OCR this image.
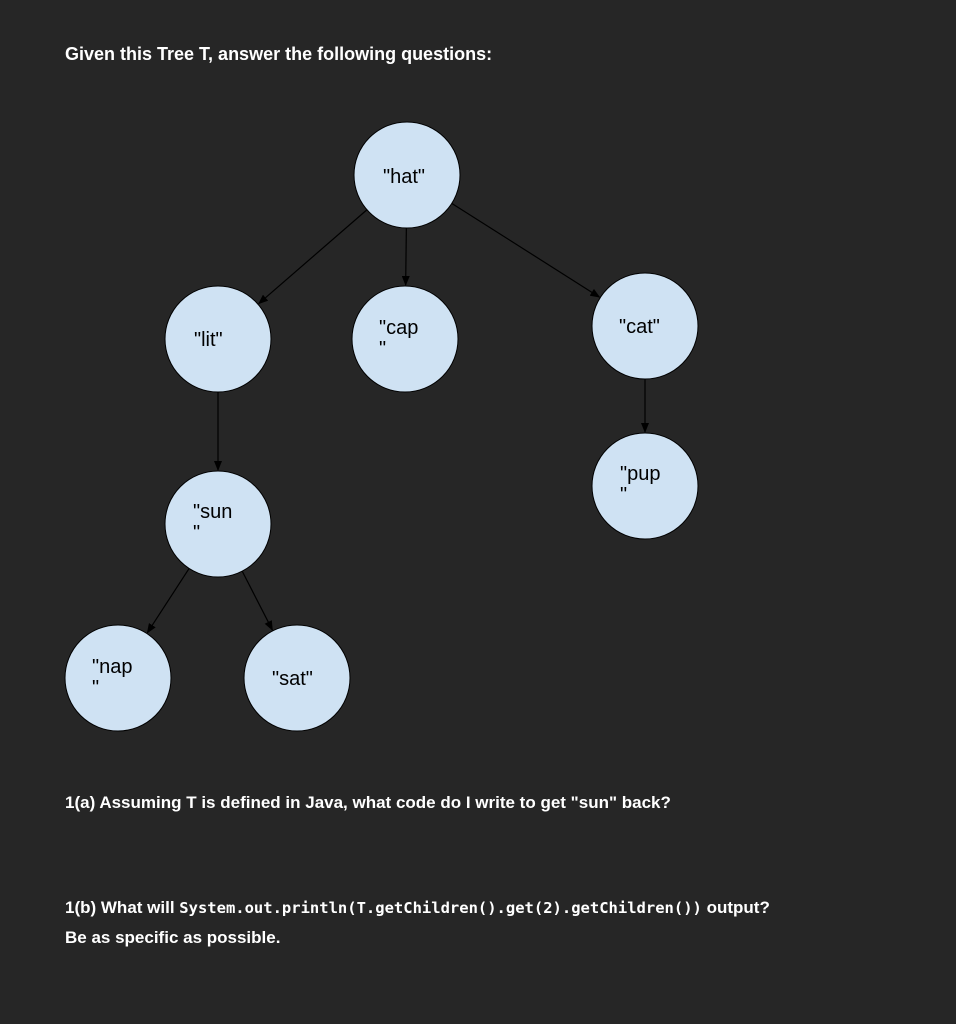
Given this Tree T, answer the following questions:
"hat"
"lit"
"cap "
"cat"
"sun "
"pup "
"nap "	"sat"

1(a) Assuming T is defined in Java, what code do I write to get "sun" back?

1(b) What will System.out.println(T.getChildren().get(2).getChildren()) output?
Be as specific as possible.
